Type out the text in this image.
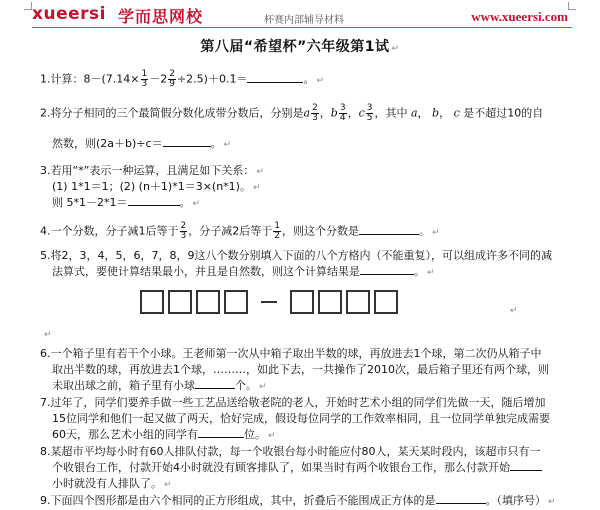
xueersi 学而思网校	杯赛内部辅导材料	www.xueersi.com
第八届“希望杯”六年级第1试 ↵
1.计算：$8-(7.14\times \frac{1}{3} -2 \frac{2}{9}$ ÷2.5)＋0.1̇＝	。 ↵
2.将分子相同的三个最简假分数化成带分数后，分别是a $\frac{2}{3}$ ，b $\frac{3}{4}$ ，c $\frac{3}{5}$ ，其中 a， b， c 是不超过10的自
然数，则(2a＋b)÷c＝	。 ↵
3.若用“*”表示一种运算，且满足如下关系： ↵
(1) 1*1＝1；(2) (n＋1)*1＝3×(n*1)。 ↵
则 5*1－2*1＝	。 ↵
4.一个分数，分子减1后等于 $\frac{2}{3}$ ，分子减2后等于 $\frac{1}{2}$ ，则这个分数是	。 ↵
5.将2，3，4，5，6，7，8，9这八个数分别填入下面的八个方格内（不能重复），可以组成许多不同的减
法算式，要使计算结果最小，并且是自然数，则这个计算结果是	。 ↵
↵
↵
6.一个箱子里有若干个小球。王老师第一次从中箱子取出半数的球，再放进去1个球，第二次仍从箱子中
取出半数的球，再放进去1个球，………，如此下去，一共操作了2010次，最后箱子里还有两个球，则
未取出球之前，箱子里有小球	个。 ↵
7.过年了，同学们要养手做一些工艺品送给敬老院的老人，开始时艺术小组的同学们先做一天，随后增加
15位同学和他们一起又做了两天，恰好完成，假设每位同学的工作效率相同，且一位同学单独完成需要
60天，那么艺术小组的同学有	位。 ↵
8.某超市平均每小时有60人排队付款，每一个收银台每小时能应付80人，某天某时段内，该超市只有一
个收银台工作，付款开始4小时就没有顾客排队了，如果当时有两个收银台工作，那么付款开始
小时就没有人排队了。 ↵
9.下面四个图形都是由六个相同的正方形组成，其中，折叠后不能围成正方体的是	。（填序号） ↵
